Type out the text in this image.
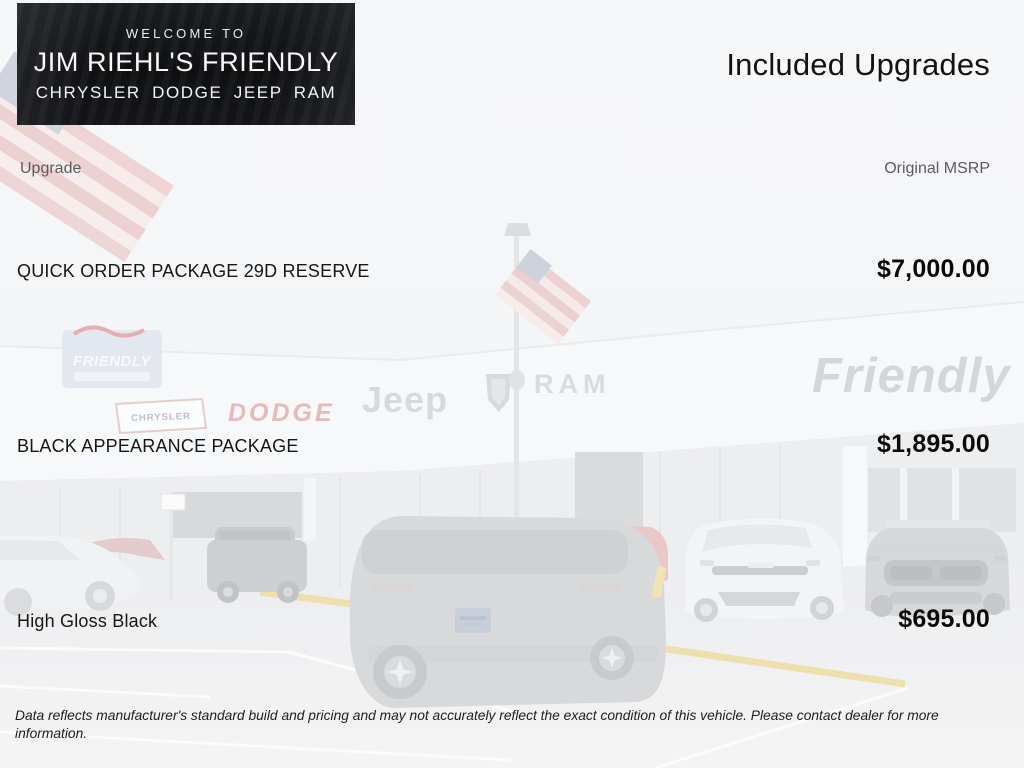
FRIENDLY
CHRYSLER DODGE Jeep	RAM	Friendly
WELCOME TO
JIM RIEHL'S FRIENDLY
CHRYSLER DODGE JEEP RAM
Included Upgrades
Upgrade	Original MSRP
QUICK ORDER PACKAGE 29D RESERVE	$7,000.00
BLACK APPEARANCE PACKAGE	$1,895.00
High Gloss Black	$695.00
Data reflects manufacturer's standard build and pricing and may not accurately reflect the exact condition of this vehicle. Please contact dealer for more information.
